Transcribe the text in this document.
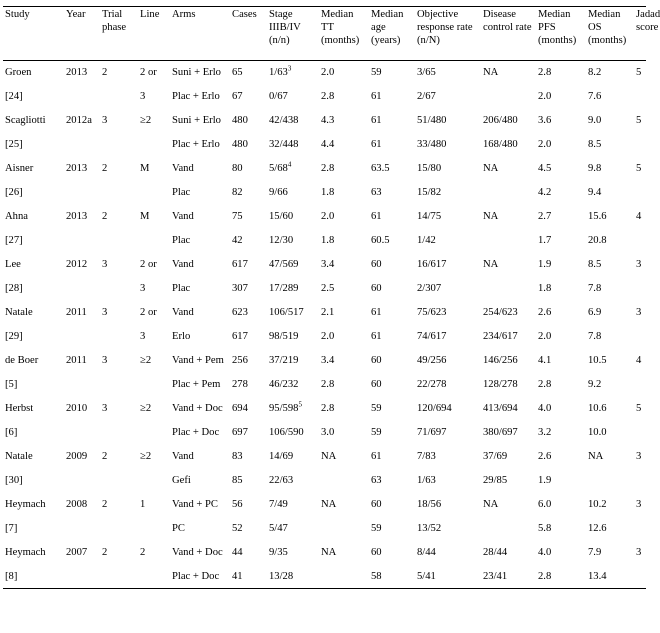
Study	Year	Trial phase	Line	Arms	Cases	Stage IIIB/IV (n/n)	Median TT (months)	Median age (years)	Objective response rate (n/N)	Disease control rate	Median PFS (months)	Median OS (months)	Jadad score

Groen	2013	2	2 or	Suni + Erlo	65	$1/63^3$	2.0	59	3/65	NA	2.8	8.2	5
[24]			3	Plac + Erlo	67	0/67	2.8	61	2/67		2.0	7.6	
Scagliotti	2012a	3	≥2	Suni + Erlo	480	42/438	4.3	61	51/480	206/480	3.6	9.0	5
[25]				Plac + Erlo	480	32/448	4.4	61	33/480	168/480	2.0	8.5	
Aisner	2013	2	M	Vand	80	$5/68^4$	2.8	63.5	15/80	NA	4.5	9.8	5
[26]				Plac	82	9/66	1.8	63	15/82		4.2	9.4	
Ahna	2013	2	M	Vand	75	15/60	2.0	61	14/75	NA	2.7	15.6	4
[27]				Plac	42	12/30	1.8	60.5	1/42		1.7	20.8	
Lee	2012	3	2 or	Vand	617	47/569	3.4	60	16/617	NA	1.9	8.5	3
[28]			3	Plac	307	17/289	2.5	60	2/307		1.8	7.8	
Natale	2011	3	2 or	Vand	623	106/517	2.1	61	75/623	254/623	2.6	6.9	3
[29]			3	Erlo	617	98/519	2.0	61	74/617	234/617	2.0	7.8	
de Boer	2011	3	≥2	Vand + Pem	256	37/219	3.4	60	49/256	146/256	4.1	10.5	4
[5]				Plac + Pem	278	46/232	2.8	60	22/278	128/278	2.8	9.2	
Herbst	2010	3	≥2	Vand + Doc	694	$95/598^5$	2.8	59	120/694	413/694	4.0	10.6	5
[6]				Plac + Doc	697	106/590	3.0	59	71/697	380/697	3.2	10.0	
Natale	2009	2	≥2	Vand	83	14/69	NA	61	7/83	37/69	2.6	NA	3
[30]				Gefi	85	22/63		63	1/63	29/85	1.9		
Heymach	2008	2	1	Vand + PC	56	7/49	NA	60	18/56	NA	6.0	10.2	3
[7]				PC	52	5/47		59	13/52		5.8	12.6	
Heymach	2007	2	2	Vand + Doc	44	9/35	NA	60	8/44	28/44	4.0	7.9	3
[8]				Plac + Doc	41	13/28		58	5/41	23/41	2.8	13.4	
